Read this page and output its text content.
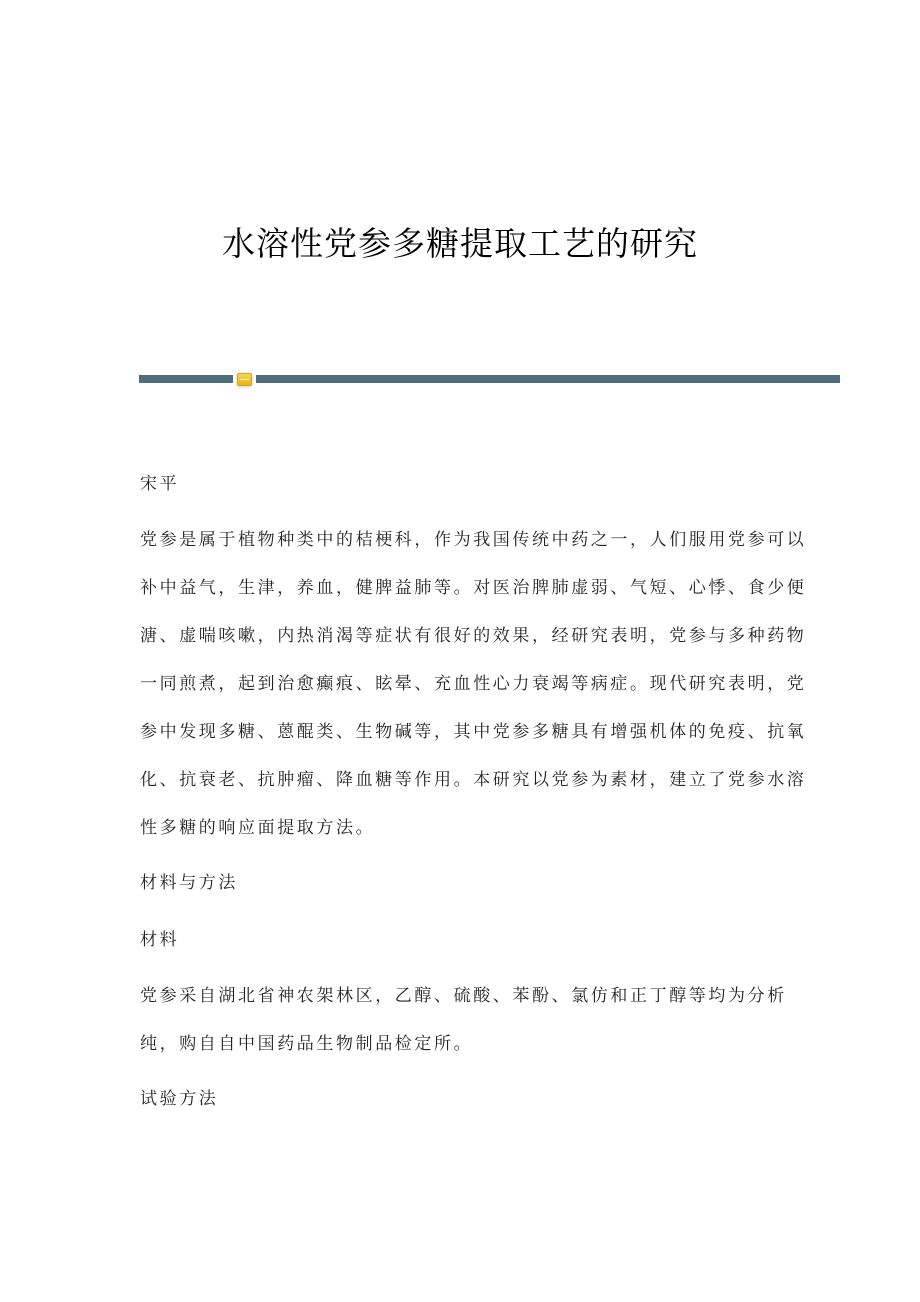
水溶性党参多糖提取工艺的研究
宋平
党参是属于植物种类中的桔梗科，作为我国传统中药之一，人们服用党参可以
补中益气，生津，养血，健脾益肺等。对医治脾肺虚弱、气短、心悸、食少便
溏、虚喘咳嗽，内热消渴等症状有很好的效果，经研究表明，党参与多种药物
一同煎煮，起到治愈癫痕、眩晕、充血性心力衰竭等病症。现代研究表明，党
参中发现多糖、蒽醌类、生物碱等，其中党参多糖具有增强机体的免疫、抗氧
化、抗衰老、抗肿瘤、降血糖等作用。本研究以党参为素材，建立了党参水溶
性多糖的响应面提取方法。
材料与方法
材料
党参采自湖北省神农架林区，乙醇、硫酸、苯酚、氯仿和正丁醇等均为分析
纯，购自自中国药品生物制品检定所。
试验方法
